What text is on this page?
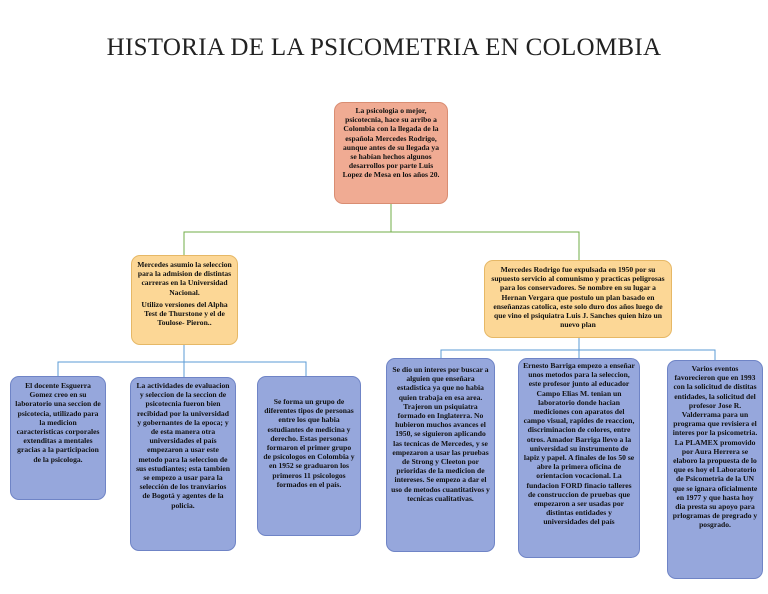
HISTORIA DE LA PSICOMETRIA EN COLOMBIA

La psicologia o mejor, psicotecnia, hace su arribo a Colombia con la llegada de la española Mercedes Rodrigo, aunque antes de su llegada ya se habían hechos algunos desarrollos por parte Luis Lopez de Mesa en los años 20.

Mercedes asumio la seleccion para la admision de distintas carreras en la Universidad Nacional.

Utilizo versiones del Alpha Test de Thurstone y el de Toulose- Pieron..

Mercedes Rodrigo fue expulsada en 1950 por su supuesto servicio al comunismo y practicas peligrosas para los conservadores. Se nombre en su lugar a Hernan Vergara que postulo un plan basado en enseñanzas catolica, este solo duro dos años luego de que vino el psiquiatra Luis J. Sanches quien hizo un nuevo plan

El docente Esguerra Gomez creo en su laboratorio una seccion de psicotecia, utilizado para la medicion caracteristicas corporales extenditas a mentales gracias a la participacion de la psicologa.

La actividades de evaluacion y seleccion de la seccion de psicotecnia fueron bien recibidad por la universidad y gobernantes de la epoca; y de esta manera otra universidades el país empezaron a usar este metodo para la seleccion de sus estudiantes; esta tambien se empezo a usar para la selección de los tranviarios de Bogotá y agentes de la policia.

Se forma un grupo de diferentes tipos de personas entre los que habia estudiantes de medicina y derecho. Estas personas formaron el primer grupo de psicologos en Colombia y en 1952 se graduaron los primeros 11 psicologos formados en el país.

Se dio un interes por buscar a alguien que enseñara estadistica ya que no habia quien trabaja en esa area. Trajeron un psiquiatra formado en Inglaterra. No hubieron muchos avances el 1950, se siguieron aplicando las tecnicas de Mercedes, y se empezaron a usar las pruebas de Strong y Cleeton por prioridas de la medicion de intereses. Se empezo a dar el uso de metodos cuantitativos y tecnicas cualitativas.

Ernesto Barriga empezo a enseñar unos metodos para la seleccion, este profesor junto al educador Campo Elias M. tenian un laboratorio donde hacian mediciones con aparatos del campo visual, rapides de reaccion, discriminacion de colores, entre otros. Amador Barriga llevo a la universidad su instrumento de lapiz y papel. A finales de los 50 se abre la primera oficina de orientacion vocacional. La fundacion FORD finacio talleres de construccion de pruebas que empezaron a ser usadas por distintas entidades y universidades del país

Varios eventos favorecieron que en 1993 con la solicitud de distitas entidades, la solicitud del profesor Jose R. Valderrama para un programa que revisiera el interes por la psicometria. La PLAMEX promovido por Aura Herrera se elaboro la propuesta de lo que es hoy el Laboratorio de Psicometria de la UN que se ignara oficialmente en 1977 y que hasta hoy dia presta su apoyo para prlogramas de pregrado y posgrado.
